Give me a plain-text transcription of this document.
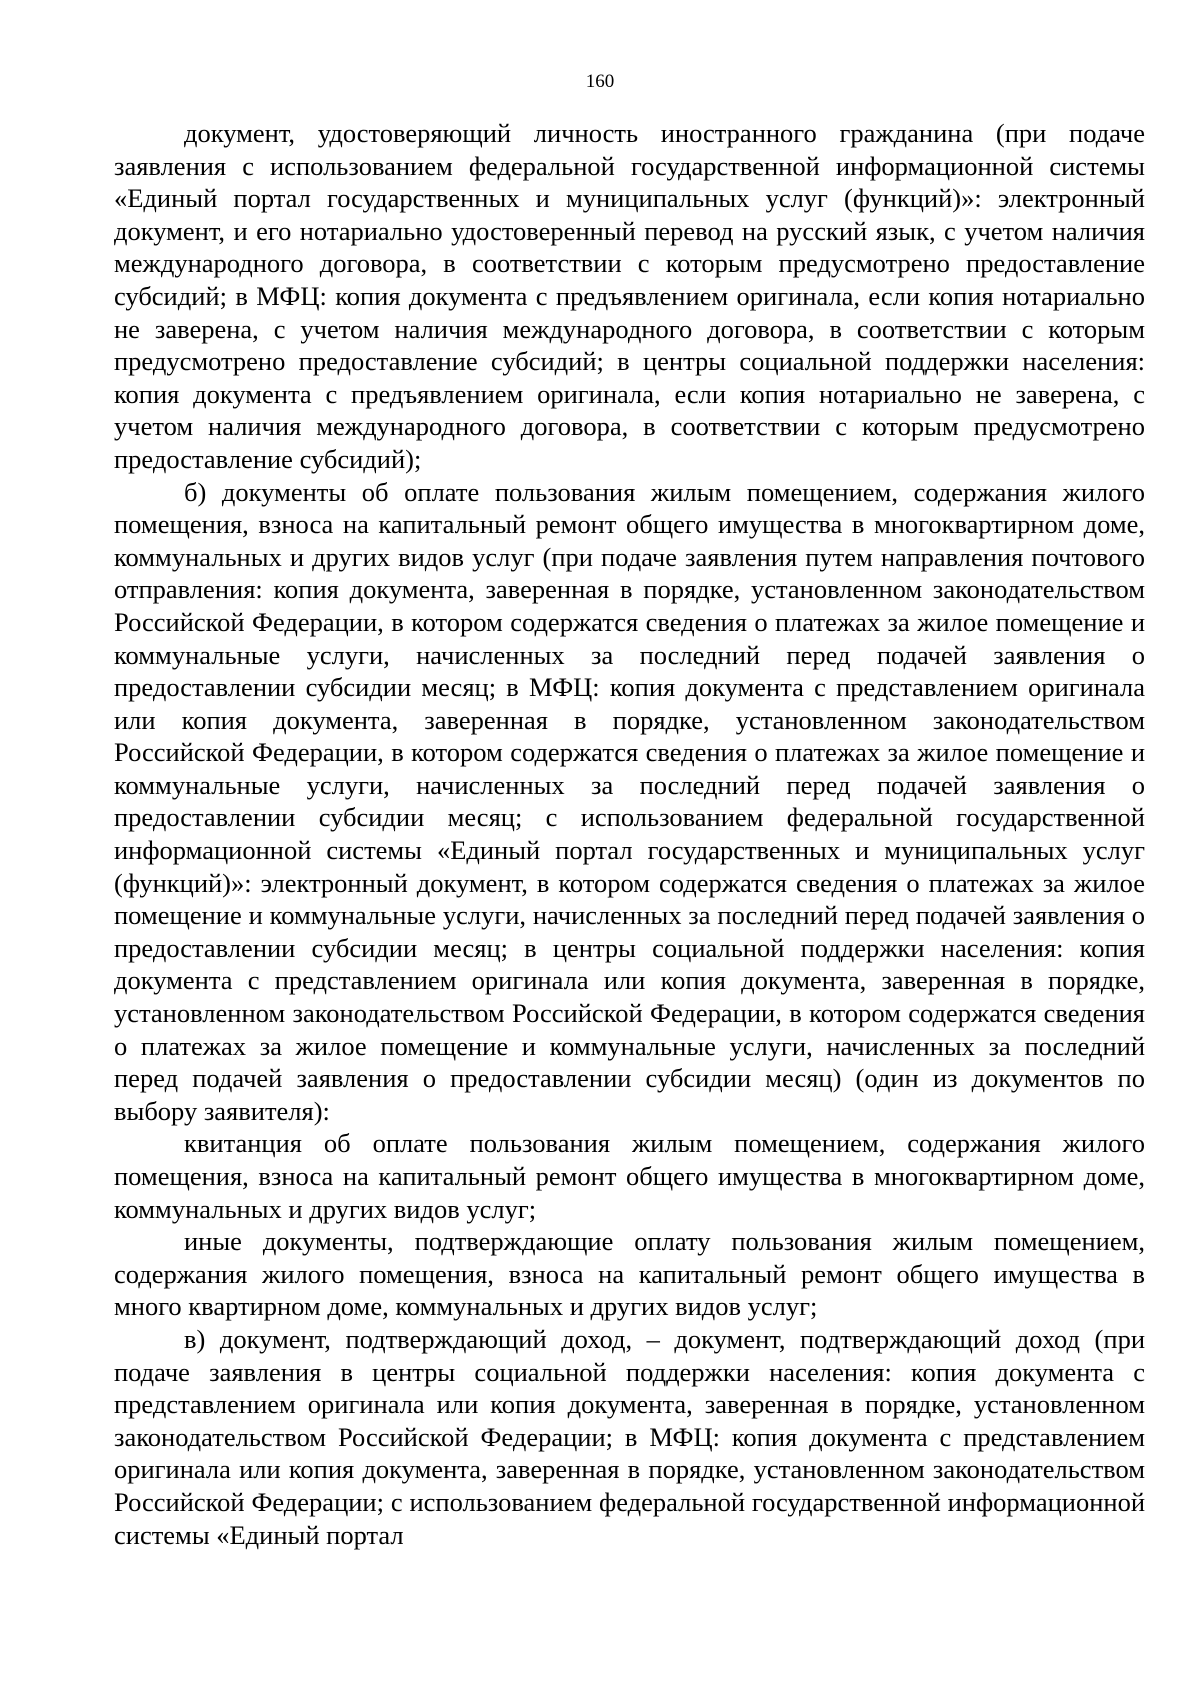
160

документ, удостоверяющий личность иностранного гражданина (при подаче заявления с использованием федеральной государственной информационной системы «Единый портал государственных и муниципальных услуг (функций)»: электронный документ, и его нотариально удостоверенный перевод на русский язык, с учетом наличия международного договора, в соответствии с которым предусмотрено предоставление субсидий; в МФЦ: копия документа с предъявлением оригинала, если копия нотариально не заверена, с учетом наличия международного договора, в соответствии с которым предусмотрено предоставление субсидий; в центры социальной поддержки населения: копия документа с предъявлением оригинала, если копия нотариально не заверена, с учетом наличия международного договора, в соответствии с которым предусмотрено предоставление субсидий);

б) документы об оплате пользования жилым помещением, содержания жилого помещения, взноса на капитальный ремонт общего имущества в многоквартирном доме, коммунальных и других видов услуг (при подаче заявления путем направления почтового отправления: копия документа, заверенная в порядке, установленном законодательством Российской Федерации, в котором содержатся сведения о платежах за жилое помещение и коммунальные услуги, начисленных за последний перед подачей заявления о предоставлении субсидии месяц; в МФЦ: копия документа с представлением оригинала или копия документа, заверенная в порядке, установленном законодательством Российской Федерации, в котором содержатся сведения о платежах за жилое помещение и коммунальные услуги, начисленных за последний перед подачей заявления о предоставлении субсидии месяц; с использованием федеральной государственной информационной системы «Единый портал государственных и муниципальных услуг (функций)»: электронный документ, в котором содержатся сведения о платежах за жилое помещение и коммунальные услуги, начисленных за последний перед подачей заявления о предоставлении субсидии месяц; в центры социальной поддержки населения: копия документа с представлением оригинала или копия документа, заверенная в порядке, установленном законодательством Российской Федерации, в котором содержатся сведения о платежах за жилое помещение и коммунальные услуги, начисленных за последний перед подачей заявления о предоставлении субсидии месяц) (один из документов по выбору заявителя):

квитанция об оплате пользования жилым помещением, содержания жилого помещения, взноса на капитальный ремонт общего имущества в многоквартирном доме, коммунальных и других видов услуг;

иные документы, подтверждающие оплату пользования жилым помещением, содержания жилого помещения, взноса на капитальный ремонт общего имущества в много квартирном доме, коммунальных и других видов услуг;

в) документ, подтверждающий доход, – документ, подтверждающий доход (при подаче заявления в центры социальной поддержки населения: копия документа с представлением оригинала или копия документа, заверенная в порядке, установленном законодательством Российской Федерации; в МФЦ: копия документа с представлением оригинала или копия документа, заверенная в порядке, установленном законодательством Российской Федерации; с использованием федеральной государственной информационной системы «Единый портал
